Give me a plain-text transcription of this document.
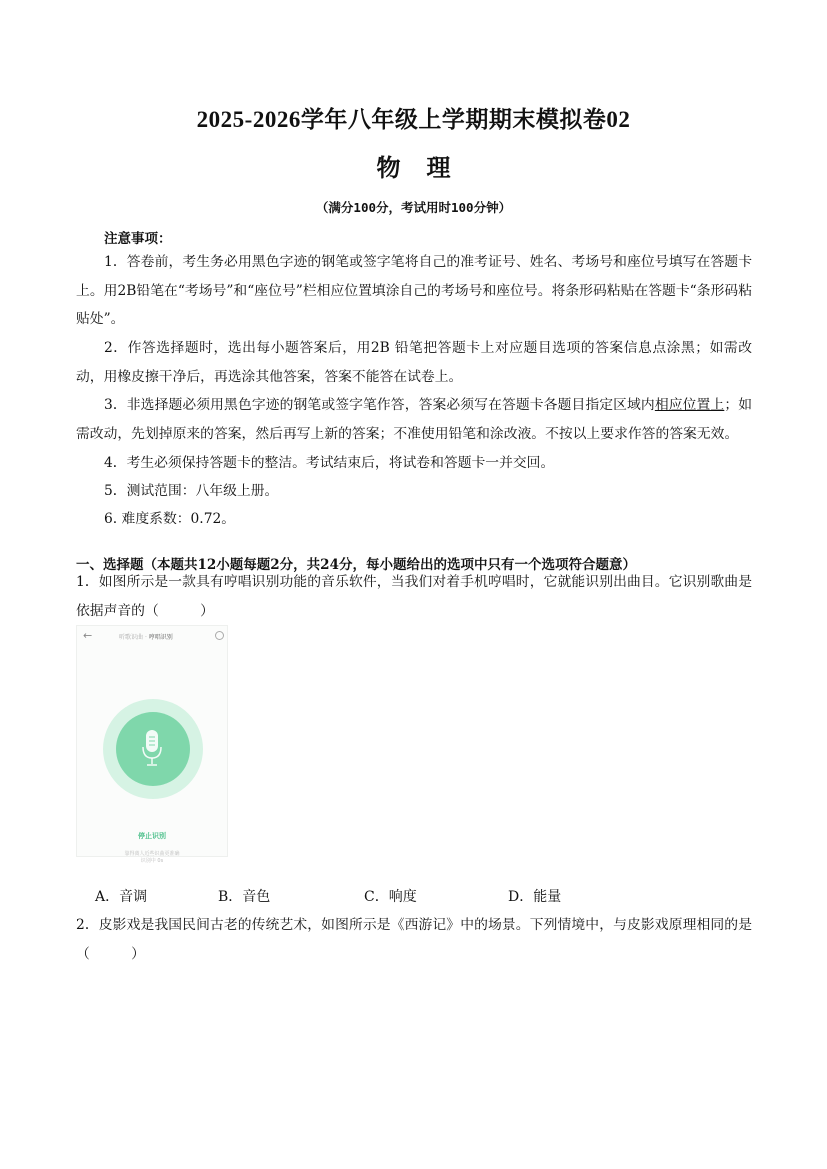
2025-2026学年八年级上学期期末模拟卷02
物理
（满分100分，考试用时100分钟）
注意事项：
1．答卷前，考生务必用黑色字迹的钢笔或签字笔将自己的准考证号、姓名、考场号和座位号填写在答题卡上。用2B铅笔在“考场号”和“座位号”栏相应位置填涂自己的考场号和座位号。将条形码粘贴在答题卡“条形码粘贴处”。
2．作答选择题时，选出每小题答案后，用2B 铅笔把答题卡上对应题目选项的答案信息点涂黑；如需改动，用橡皮擦干净后，再选涂其他答案，答案不能答在试卷上。
3．非选择题必须用黑色字迹的钢笔或签字笔作答，答案必须写在答题卡各题目指定区域内相应位置上；如需改动，先划掉原来的答案，然后再写上新的答案；不准使用铅笔和涂改液。不按以上要求作答的答案无效。
4．考生必须保持答题卡的整洁。考试结束后，将试卷和答题卡一并交回。
5．测试范围：八年级上册。
6. 难度系数：0.72。
一、选择题（本题共12小题每题2分，共24分，每小题给出的选项中只有一个选项符合题意）
1．如图所示是一款具有哼唱识别功能的音乐软件，当我们对着手机哼唱时，它就能识别出曲目。它识别歌曲是依据声音的（　　　）
←	听歌识曲 · 哼唱识别
停止识别
靠得离人近些识曲更准确
识别中 0s
A．音调	B．音色	C．响度	D．能量
2．皮影戏是我国民间古老的传统艺术，如图所示是《西游记》中的场景。下列情境中，与皮影戏原理相同的是（　　　）
